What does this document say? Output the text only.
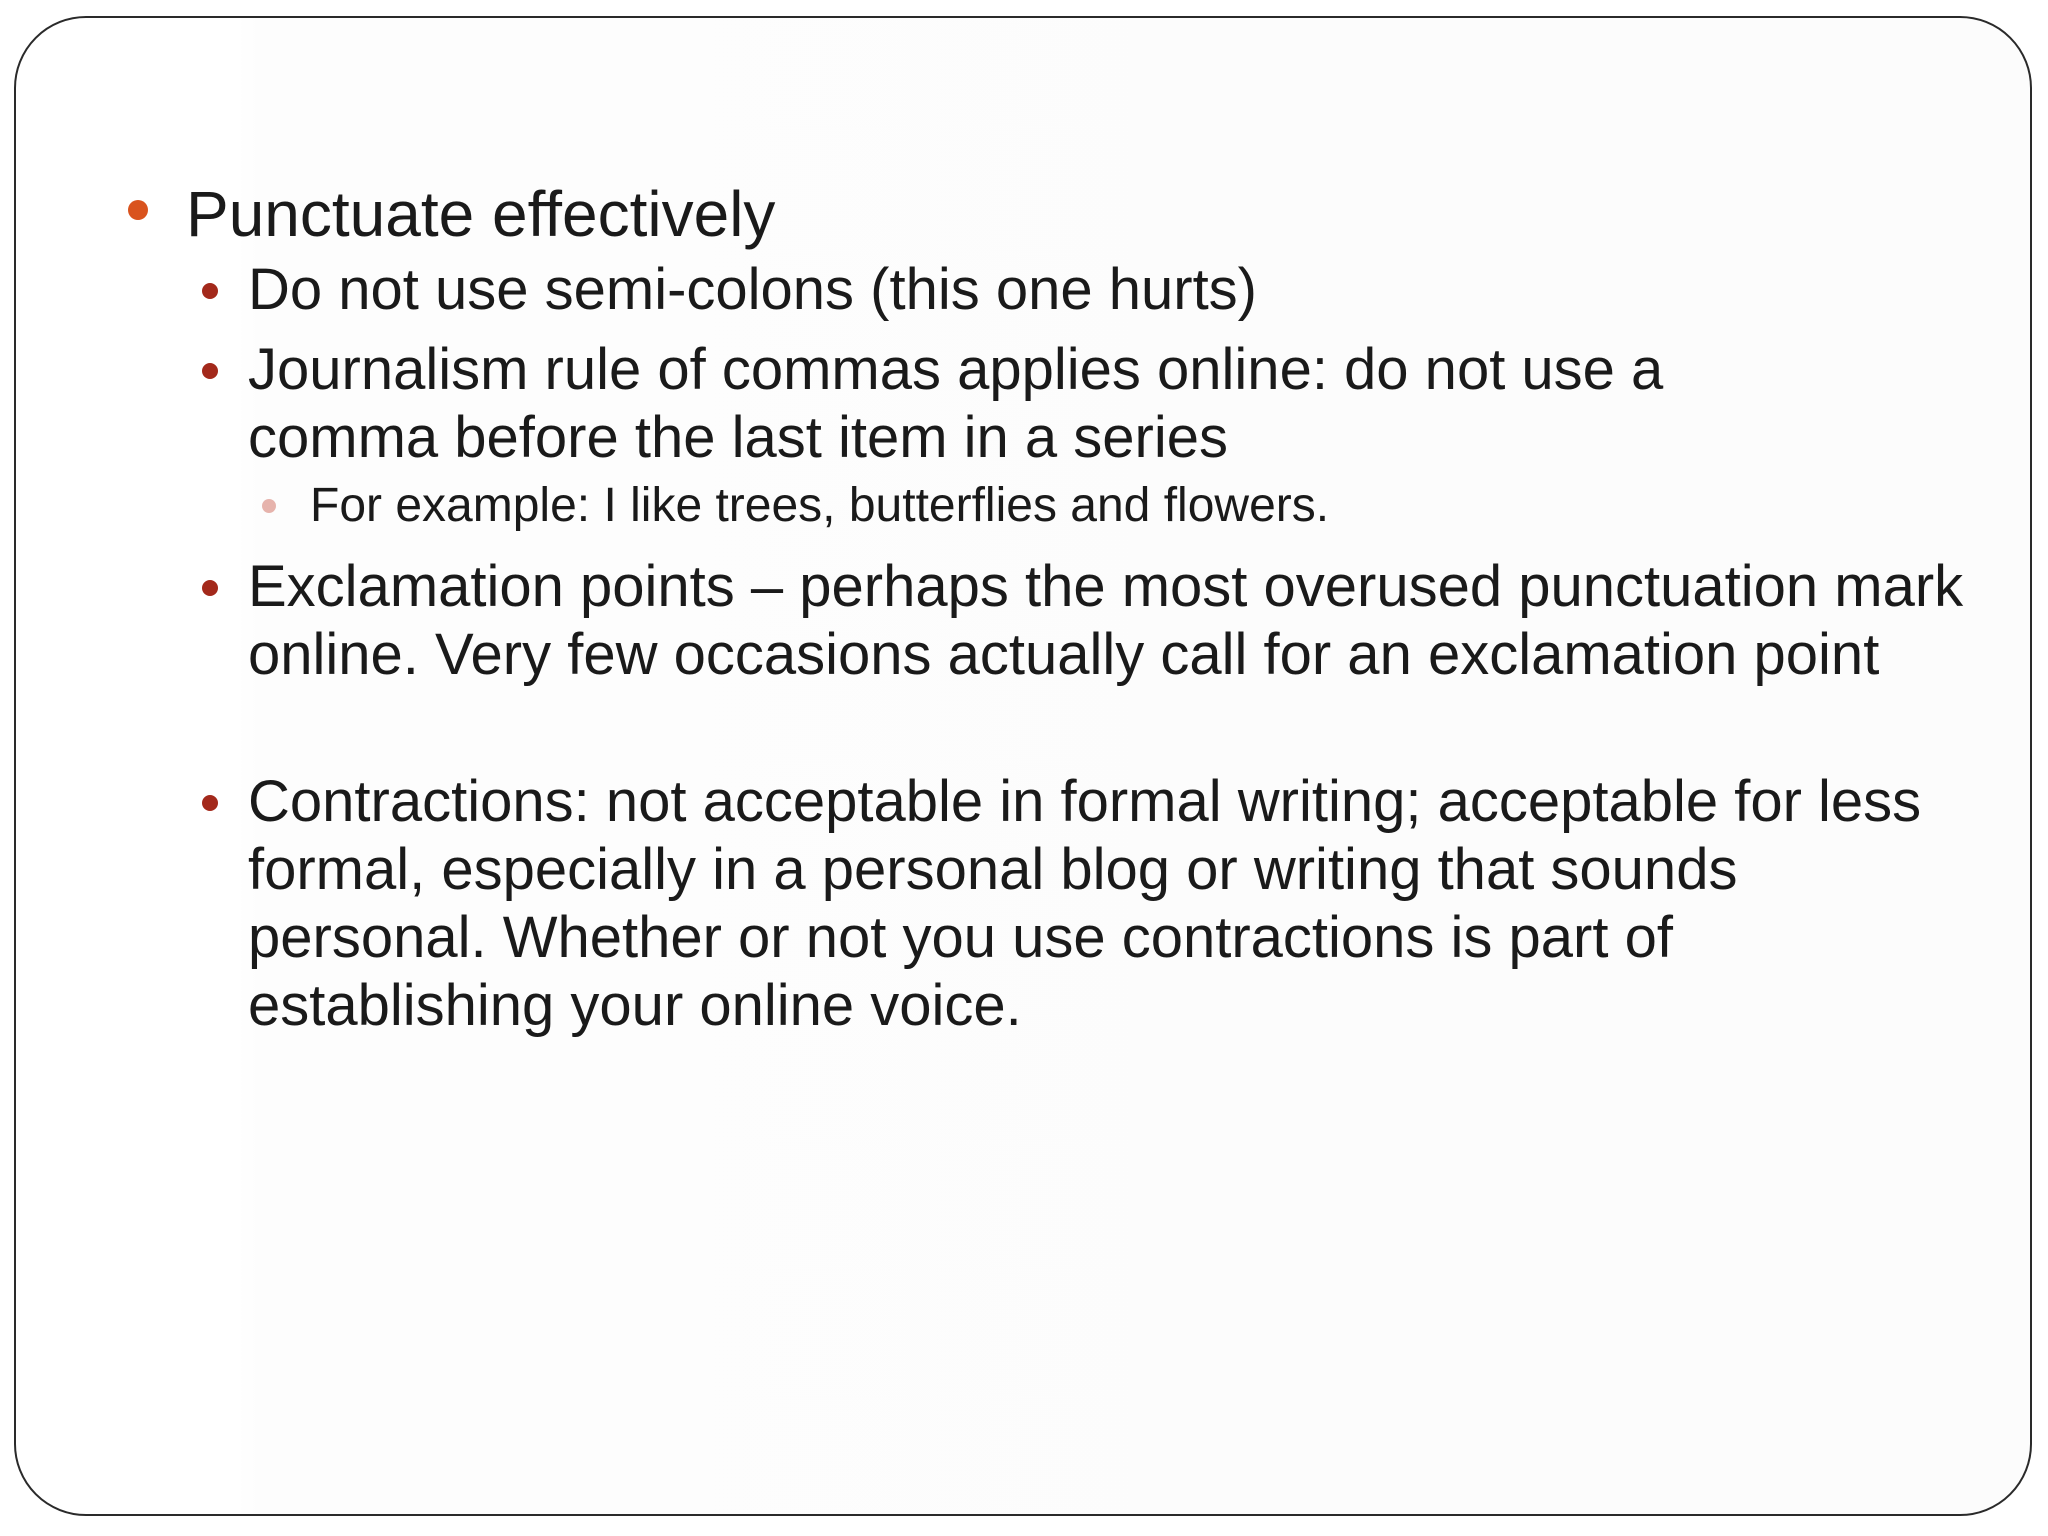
Punctuate effectively
Do not use semi-colons (this one hurts)
Journalism rule of commas applies online: do not use a comma before the last item in a series
For example: I like trees, butterflies and flowers.
Exclamation points – perhaps the most overused punctuation mark online. Very few occasions actually call for an exclamation point
Contractions: not acceptable in formal writing; acceptable for less formal, especially in a personal blog or writing that sounds personal. Whether or not you use contractions is part of establishing your online voice.
